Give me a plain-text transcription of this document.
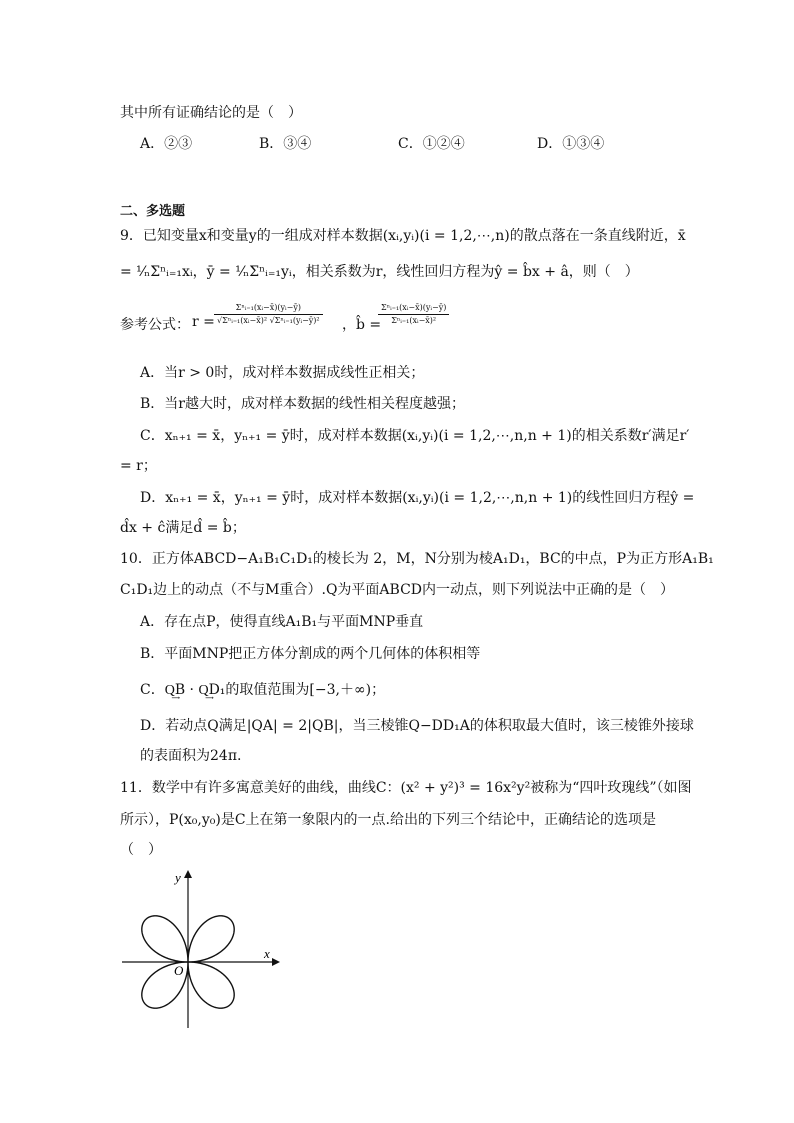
其中所有证确结论的是（　）
A．②③	B．③④	C．①②④	D．①③④
二、多选题
9．已知变量x和变量y的一组成对样本数据(xᵢ,yᵢ)(i = 1,2,⋯,n)的散点落在一条直线附近，x̄
= ¹⁄ₙΣⁿᵢ₌₁xᵢ，ȳ = ¹⁄ₙΣⁿᵢ₌₁yᵢ，相关系数为r，线性回归方程为ŷ = b̂x + â，则（　）
参考公式： r =
Σⁿᵢ₌₁(xᵢ−x̄)(yᵢ−ȳ)
√Σⁿᵢ₌₁(xᵢ−x̄)² √Σⁿᵢ₌₁(yᵢ−ȳ)² ，b̂ =
Σⁿᵢ₌₁(xᵢ−x̄)(yᵢ−ȳ)
Σⁿᵢ₌₁(xᵢ−x̄)²
A．当r > 0时，成对样本数据成线性正相关；
B．当r越大时，成对样本数据的线性相关程度越强；
C．xₙ₊₁ = x̄，yₙ₊₁ = ȳ时，成对样本数据(xᵢ,yᵢ)(i = 1,2,⋯,n,n + 1)的相关系数r′满足r′
= r；
D．xₙ₊₁ = x̄，yₙ₊₁ = ȳ时，成对样本数据(xᵢ,yᵢ)(i = 1,2,⋯,n,n + 1)的线性回归方程ŷ =
d̂x + ĉ满足d̂ = b̂；
10．正方体ABCD−A₁B₁C₁D₁的棱长为 2，M，N分别为棱A₁D₁，BC的中点，P为正方形A₁B₁
C₁D₁边上的动点（不与M重合）.Q为平面ABCD内一动点，则下列说法中正确的是（　）
A．存在点P，使得直线A₁B₁与平面MNP垂直
B．平面MNP把正方体分割成的两个几何体的体积相等
C．Q͢B · Q͢D₁的取值范围为[−3,＋∞)；
D．若动点Q满足|QA| = 2|QB|，当三棱锥Q−DD₁A的体积取最大值时，该三棱锥外接球
的表面积为24π.
11．数学中有许多寓意美好的曲线，曲线C：(x² + y²)³ = 16x²y²被称为“四叶玫瑰线”（如图
所示），P(x₀,y₀)是C上在第一象限内的一点.给出的下列三个结论中，正确结论的选项是
（　）
x
y
O
